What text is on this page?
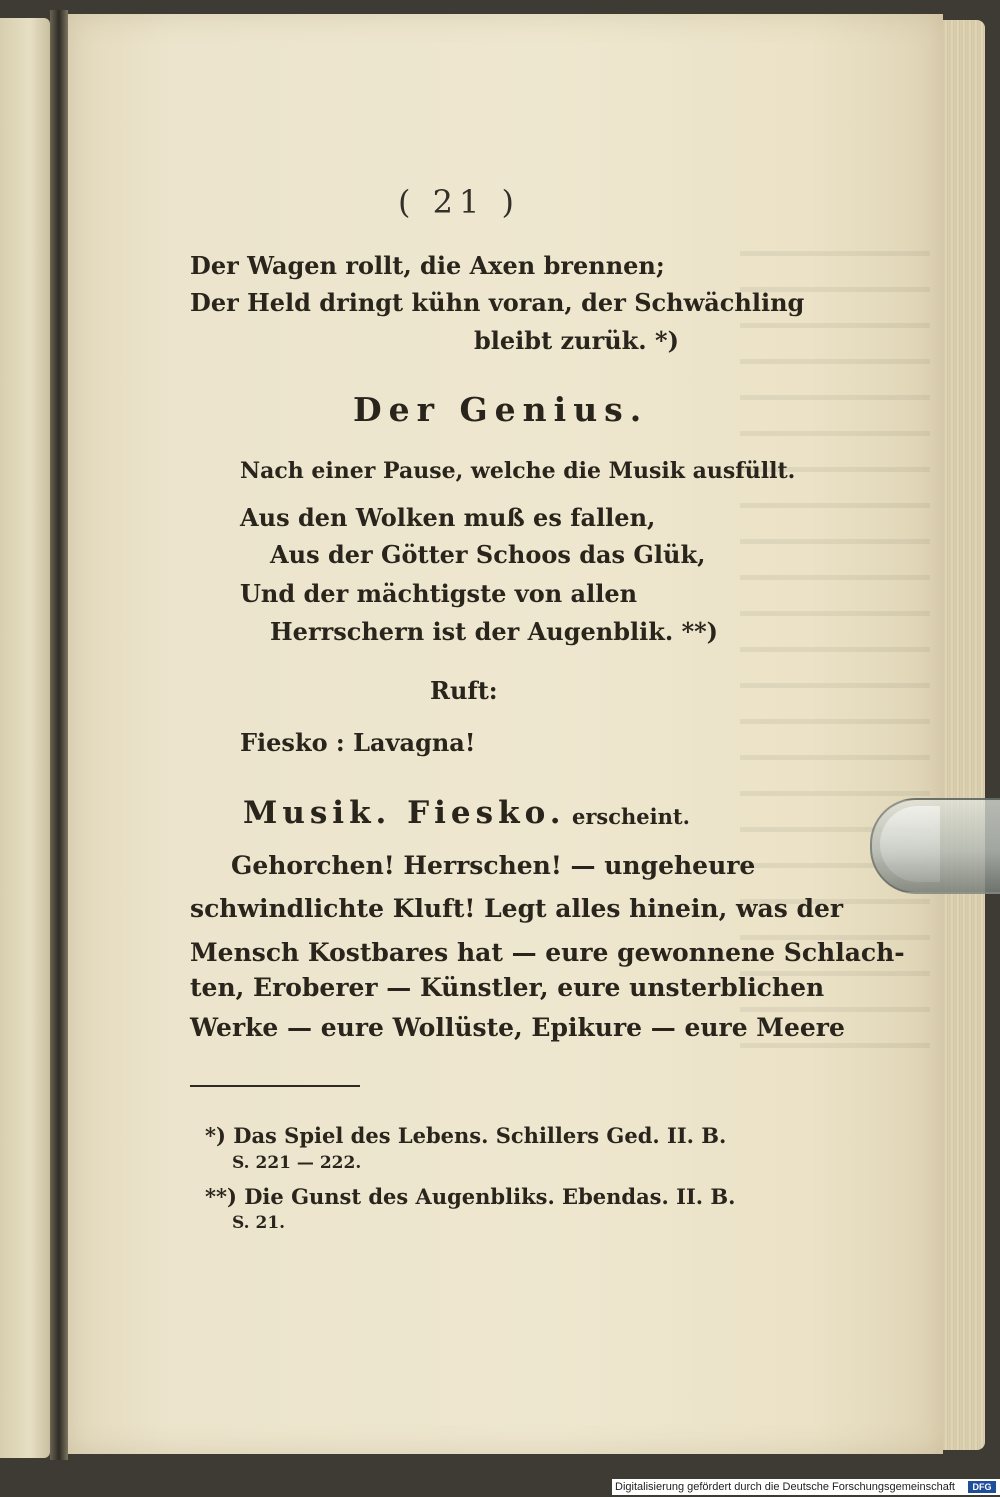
( 21 )
Der Wagen rollt, die Axen brennen;
Der Held dringt kühn voran, der Schwächling
bleibt zurük. *)
Der Genius.
Nach einer Pause, welche die Musik ausfüllt.
Aus den Wolken muß es fallen,
Aus der Götter Schoos das Glük,
Und der mächtigste von allen
Herrschern ist der Augenblik. **)
Ruft:
Fiesko : Lavagna!
Musik. Fiesko. erscheint.
Gehorchen! Herrschen! — ungeheure
schwindlichte Kluft! Legt alles hinein, was der
Mensch Kostbares hat — eure gewonnene Schlach-
ten, Eroberer — Künstler, eure unsterblichen
Werke — eure Wollüste, Epikure — eure Meere
*) Das Spiel des Lebens. Schillers Ged. II. B.
S. 221 — 222.
**) Die Gunst des Augenbliks. Ebendas. II. B.
S. 21.
Digitalisierung gefördert durch die Deutsche Forschungsgemeinschaft	DFG
